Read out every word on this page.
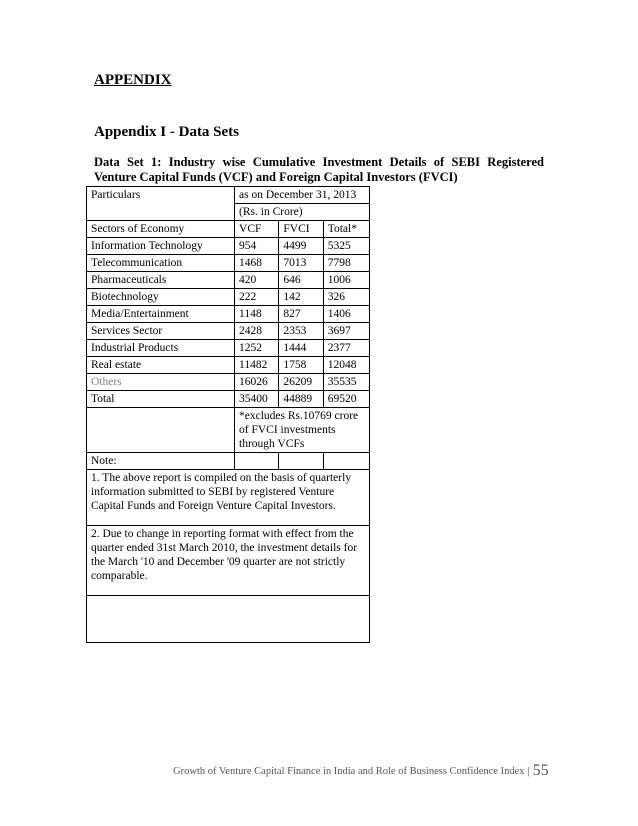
APPENDIX
Appendix I - Data Sets

Data Set 1: Industry wise Cumulative Investment Details of SEBI Registered
Venture Capital Funds (VCF) and Foreign Capital Investors (FVCI)

Particulars	as on December 31, 2013		
	(Rs. in Crore)		
Sectors of Economy	VCF	FVCI	Total*
Information Technology	954	4499	5325
Telecommunication	1468	7013	7798
Pharmaceuticals	420	646	1006
Biotechnology	222	142	326
Media/Entertainment	1148	827	1406
Services Sector	2428	2353	3697
Industrial Products	1252	1444	2377
Real estate	11482	1758	12048
Others	16026	26209	35535
Total	35400	44889	69520
	*excludes Rs.10769 crore of FVCI investments through VCFs		
Note:			
1. The above report is compiled on the basis of quarterly information submitted to SEBI by registered Venture Capital Funds and Foreign Venture Capital Investors.			
2. Due to change in reporting format with effect from the quarter ended 31st March 2010, the investment details for the March '10 and December '09 quarter are not strictly comparable.			
Growth of Venture Capital Finance in India and Role of Business Confidence Index | 55
